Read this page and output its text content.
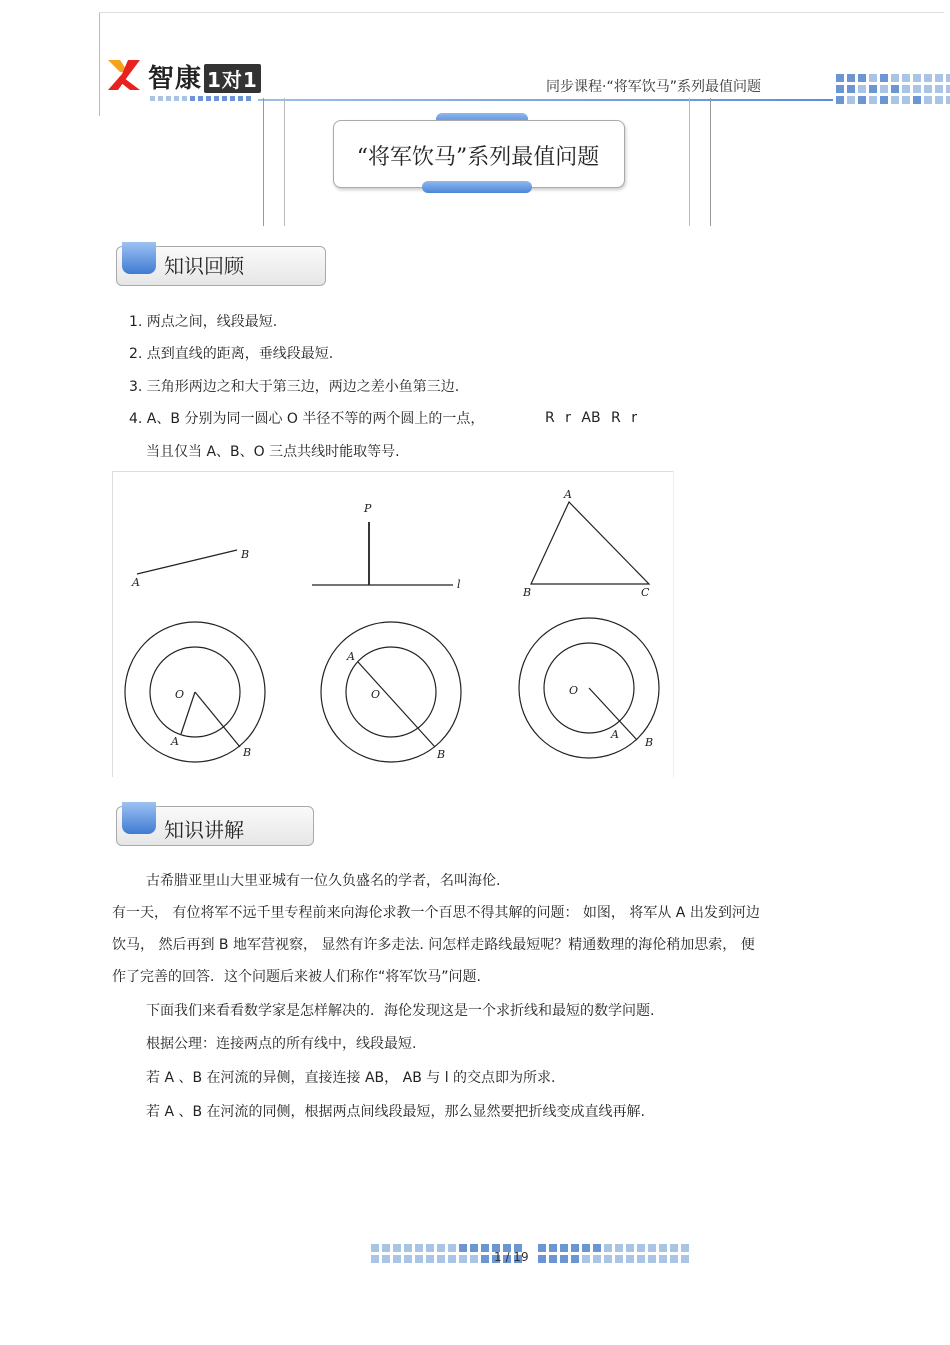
智康 1对1	同步课程·“将军饮马”系列最值问题
“将军饮马”系列最值问题
知识回顾
1. 两点之间，线段最短.
2. 点到直线的距离，垂线段最短.
3. 三角形两边之和大于第三边，两边之差小鱼第三边.
4. A、B 分别为同一圆心 O 半径不等的两个圆上的一点，	R r AB R r
当且仅当 A、B、O 三点共线时能取等号.
A
B
P
l
A
B	C
O
A
B
O
A
B
O
A
B
知识讲解
古希腊亚里山大里亚城有一位久负盛名的学者，名叫海伦.
有一天， 有位将军不远千里专程前来向海伦求教一个百思不得其解的问题： 如图， 将军从 A 出发到河边
饮马， 然后再到 B 地军营视察， 显然有许多走法. 问怎样走路线最短呢？精通数理的海伦稍加思索， 便
作了完善的回答．这个问题后来被人们称作“将军饮马”问题.
下面我们来看看数学家是怎样解决的．海伦发现这是一个求折线和最短的数学问题.
根据公理：连接两点的所有线中，线段最短.
若 A 、B 在河流的异侧，直接连接 AB， AB 与 l 的交点即为所求.
若 A 、B 在河流的同侧，根据两点间线段最短，那么显然要把折线变成直线再解.
1 / 19
